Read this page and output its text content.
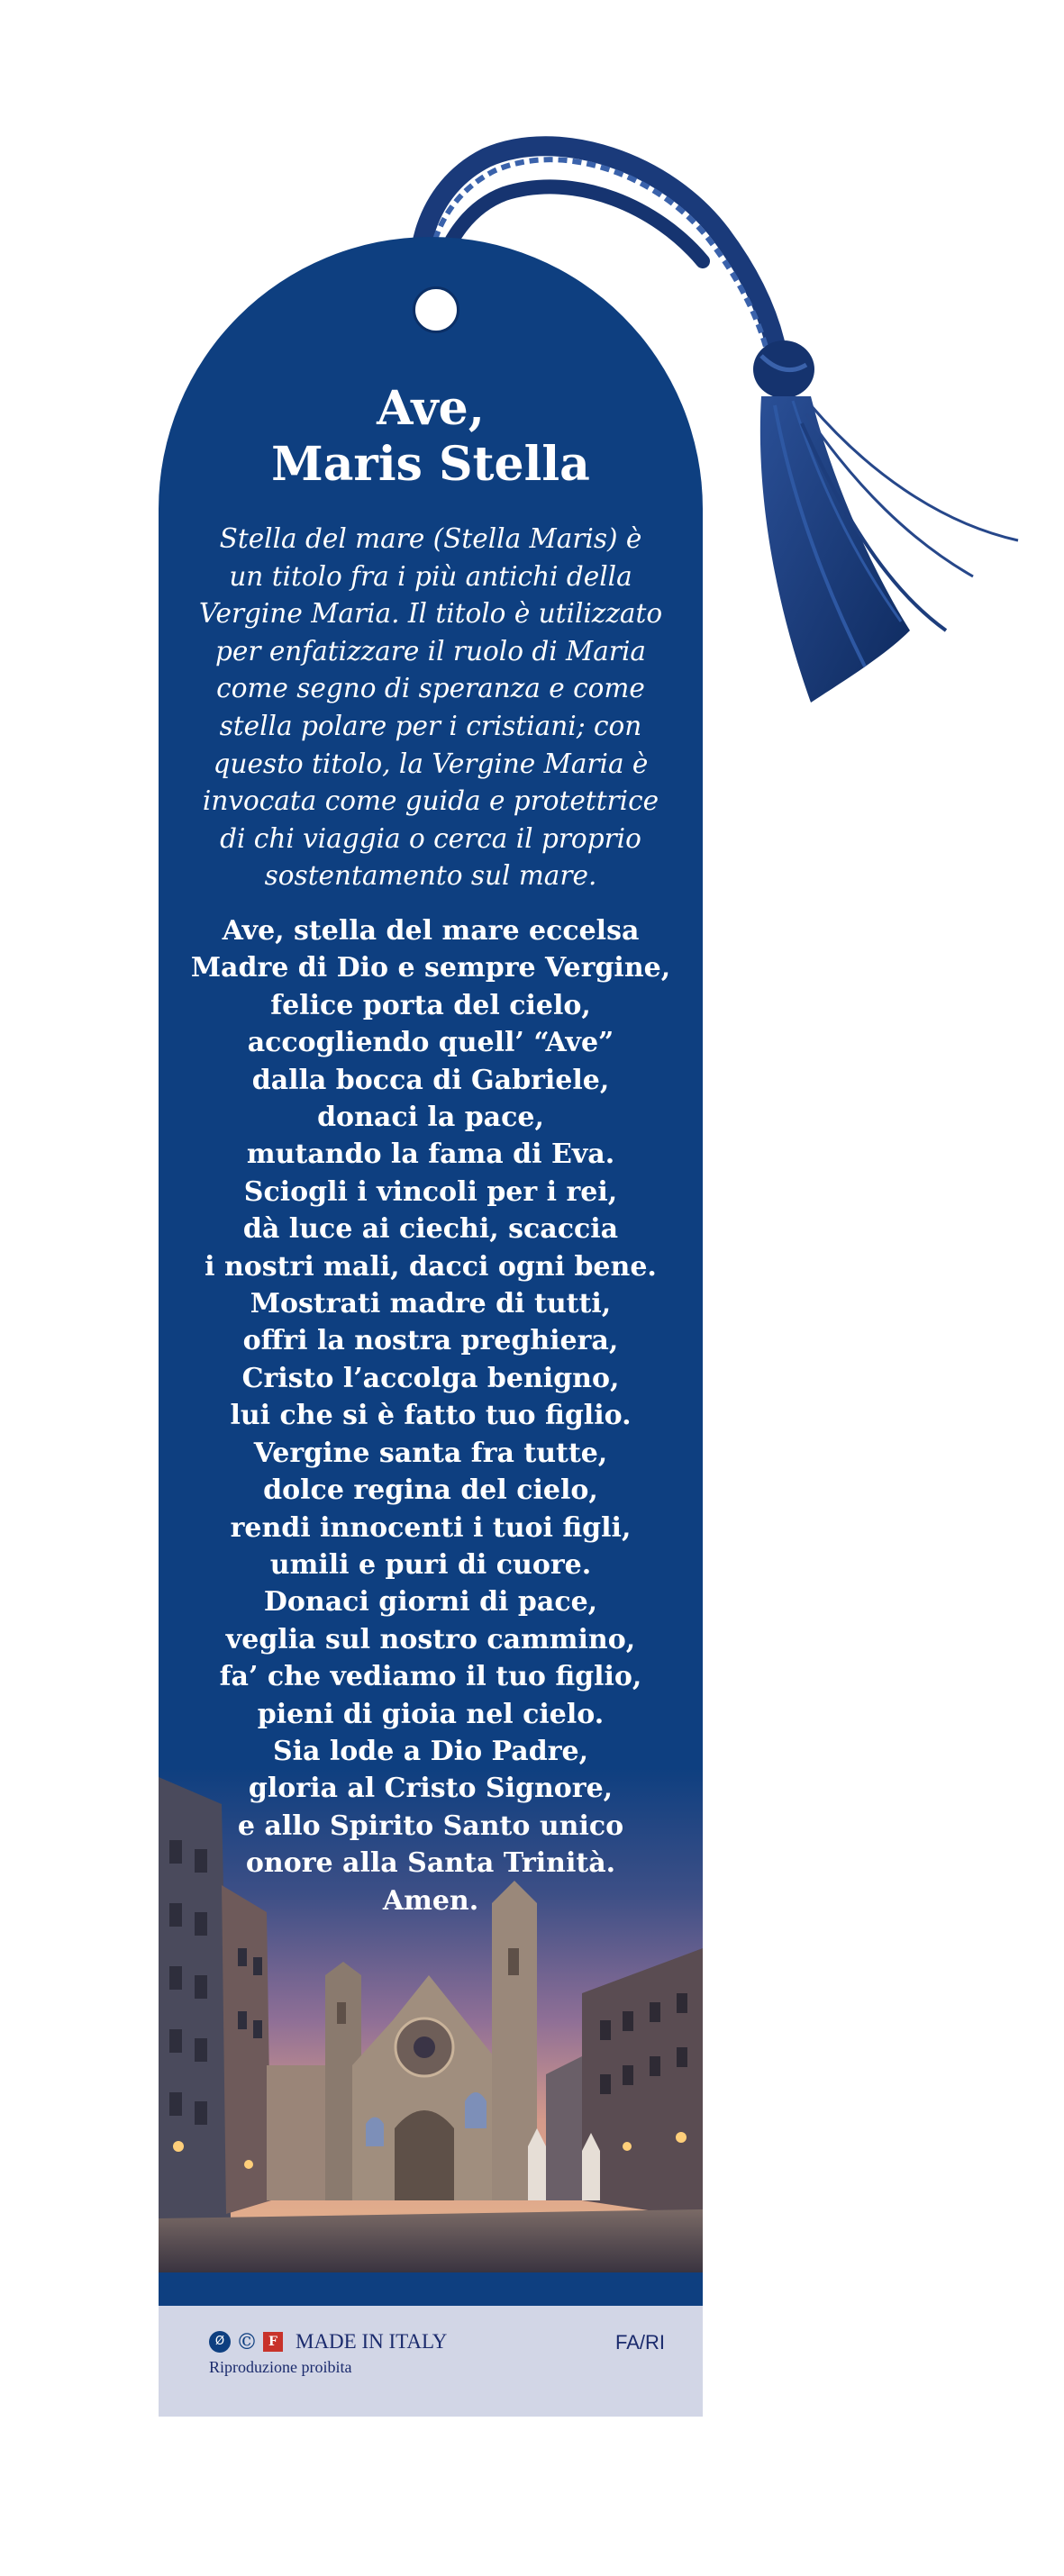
Ave,
Maris Stella
Stella del mare (Stella Maris) è
un titolo fra i più antichi della
Vergine Maria. Il titolo è utilizzato
per enfatizzare il ruolo di Maria
come segno di speranza e come
stella polare per i cristiani; con
questo titolo, la Vergine Maria è
invocata come guida e protettrice
di chi viaggia o cerca il proprio
sostentamento sul mare.
Ø © F MADE IN ITALY
Riproduzione proibita
FA/RI
Ave, stella del mare eccelsa
Madre di Dio e sempre Vergine,
felice porta del cielo,
accogliendo quell’ “Ave”
dalla bocca di Gabriele,
donaci la pace,
mutando la fama di Eva.
Sciogli i vincoli per i rei,
dà luce ai ciechi, scaccia
i nostri mali, dacci ogni bene.
Mostrati madre di tutti,
offri la nostra preghiera,
Cristo l’accolga benigno,
lui che si è fatto tuo figlio.
Vergine santa fra tutte,
dolce regina del cielo,
rendi innocenti i tuoi figli,
umili e puri di cuore.
Donaci giorni di pace,
veglia sul nostro cammino,
fa’ che vediamo il tuo figlio,
pieni di gioia nel cielo.
Sia lode a Dio Padre,
gloria al Cristo Signore,
e allo Spirito Santo unico
onore alla Santa Trinità.
Amen.
